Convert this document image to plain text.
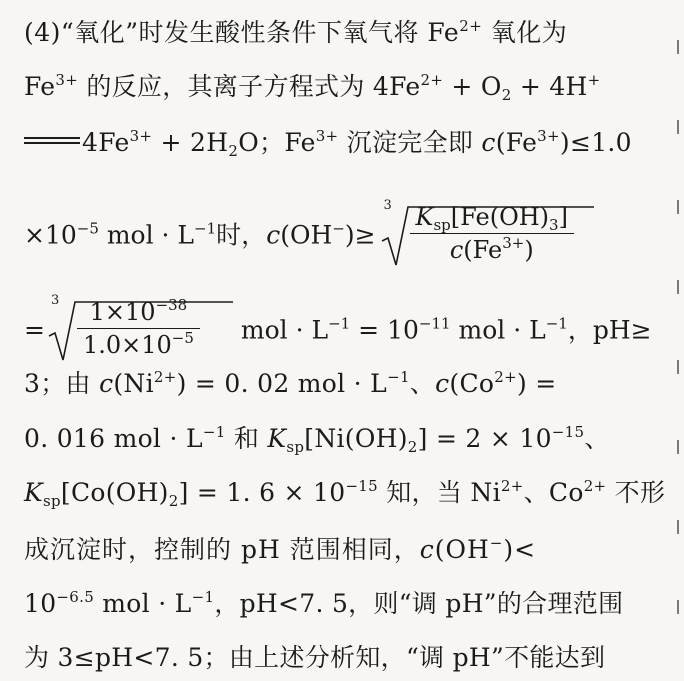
(4)“氧化”时发生酸性条件下氧气将 $Fe^{2+}$ 氧化为
$Fe^{3+}$ 的反应，其离子方程式为 $4Fe^{2+} + O_2 + 4H^+$
$4Fe^{3+} + 2H_2O$；$Fe^{3+}$ 沉淀完全即 $c(Fe^{3+})\le 1.0$
$\times 10^{-5}$ mol · $L^{-1}$时，c(OH−)≥
3 $K_{sp}[Fe(OH)_3]$
$c(Fe^{3+})$
=
$3 \frac{1\times 10^{-38}}{1.0\times 10^{-5}}$ mol · $L^{-1} = 10^{-11}$ mol · $L^{-1}$，pH≥
3；由 $c(Ni^{2+}) = 0$. 02 mol · $L^{-1}$、$c(Co^{2+})$ =
0. 016 mol · $L^{-1}$ 和 $K_{sp}[Ni(OH)_2] = 2 \times 10^{-15}$、
$K_{sp}[Co(OH)_2] = 1$. $6 \times 10^{-15}$ 知，当 $Ni^{2+}$、$Co^{2+}$ 不形
成沉淀时，控制的 pH 范围相同，c(OH−)<
$10^{-6.5}$ mol · $L^{-1}$，pH<7. 5，则“调 pH”的合理范围
为 3≤pH<7. 5；由上述分析知，“调 pH”不能达到
